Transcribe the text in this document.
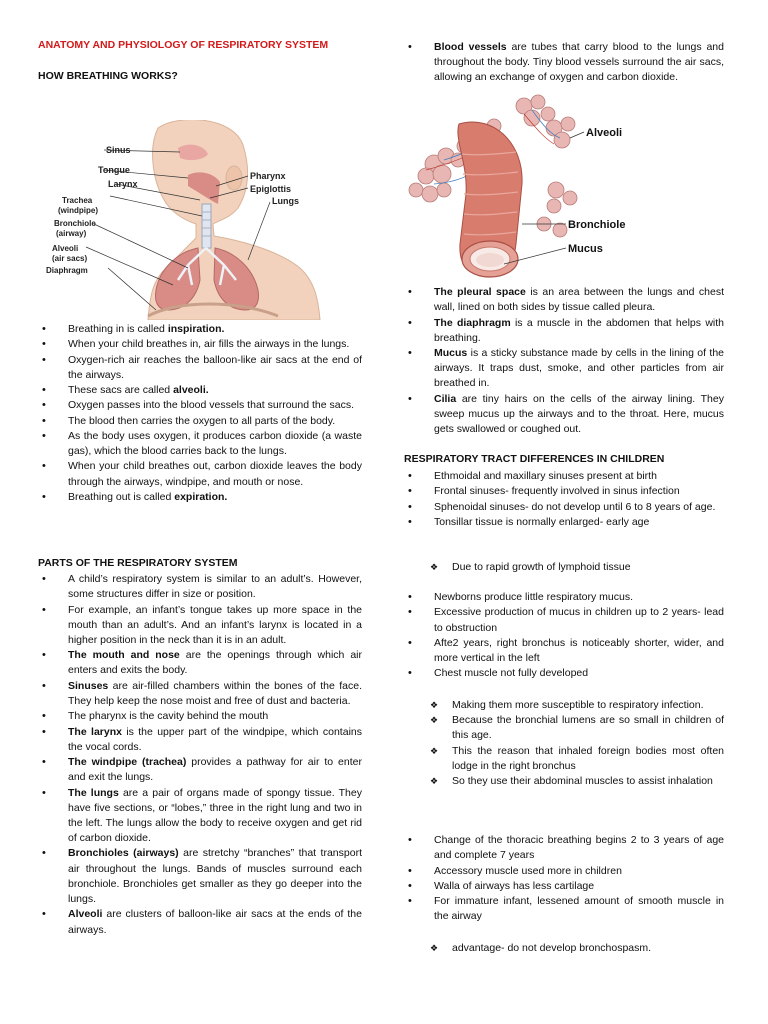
ANATOMY AND PHYSIOLOGY OF RESPIRATORY SYSTEM
HOW BREATHING WORKS?
Sinus
Tongue
Larynx
Trachea
(windpipe)
Bronchiole
(airway)
Alveoli
(air sacs)
Diaphragm
Pharynx
Epiglottis
Lungs
• Breathing in is called inspiration.
• When your child breathes in, air fills the airways in the lungs.
• Oxygen-rich air reaches the balloon-like air sacs at the end of the airways.
• These sacs are called alveoli.
• Oxygen passes into the blood vessels that surround the sacs.
• The blood then carries the oxygen to all parts of the body.
• As the body uses oxygen, it produces carbon dioxide (a waste gas), which the blood carries back to the lungs.
• When your child breathes out, carbon dioxide leaves the body through the airways, windpipe, and mouth or nose.
• Breathing out is called expiration.
PARTS OF THE RESPIRATORY SYSTEM
• A child’s respiratory system is similar to an adult’s. However, some structures differ in size or position.
• For example, an infant’s tongue takes up more space in the mouth than an adult’s. And an infant’s larynx is located in a higher position in the neck than it is in an adult.
• The mouth and nose are the openings through which air enters and exits the body.
• Sinuses are air-filled chambers within the bones of the face. They help keep the nose moist and free of dust and bacteria.
• The pharynx is the cavity behind the mouth
• The larynx is the upper part of the windpipe, which contains the vocal cords.
• The windpipe (trachea) provides a pathway for air to enter and exit the lungs.
• The lungs are a pair of organs made of spongy tissue. They have five sections, or “lobes,” three in the right lung and two in the left. The lungs allow the body to receive oxygen and get rid of carbon dioxide.
• Bronchioles (airways) are stretchy “branches” that transport air throughout the lungs. Bands of muscles surround each bronchiole. Bronchioles get smaller as they go deeper into the lungs.
• Alveoli are clusters of balloon-like air sacs at the ends of the airways.
• Blood vessels are tubes that carry blood to the lungs and throughout the body. Tiny blood vessels surround the air sacs, allowing an exchange of oxygen and carbon dioxide.
Alveoli
Bronchiole
Mucus
• The pleural space is an area between the lungs and chest wall, lined on both sides by tissue called pleura.
• The diaphragm is a muscle in the abdomen that helps with breathing.
• Mucus is a sticky substance made by cells in the lining of the airways. It traps dust, smoke, and other particles from air breathed in.
• Cilia are tiny hairs on the cells of the airway lining. They sweep mucus up the airways and to the throat. Here, mucus gets swallowed or coughed out.
RESPIRATORY TRACT DIFFERENCES IN CHILDREN
• Ethmoidal and maxillary sinuses present at birth
• Frontal sinuses- frequently involved in sinus infection
• Sphenoidal sinuses- do not develop until 6 to 8 years of age.
• Tonsillar tissue is normally enlarged- early age
❖ Due to rapid growth of lymphoid tissue
• Newborns produce little respiratory mucus.
• Excessive production of mucus in children up to 2 years- lead to obstruction
• Afte2 years, right bronchus is noticeably shorter, wider, and more vertical in the left
• Chest muscle not fully developed
❖ Making them more susceptible to respiratory infection.
❖ Because the bronchial lumens are so small in children of this age.
❖ This the reason that inhaled foreign bodies most often lodge in the right bronchus
❖ So they use their abdominal muscles to assist inhalation
• Change of the thoracic breathing begins 2 to 3 years of age and complete 7 years
• Accessory muscle used more in children
• Walla of airways has less cartilage
• For immature infant, lessened amount of smooth muscle in the airway
❖ advantage- do not develop bronchospasm.
